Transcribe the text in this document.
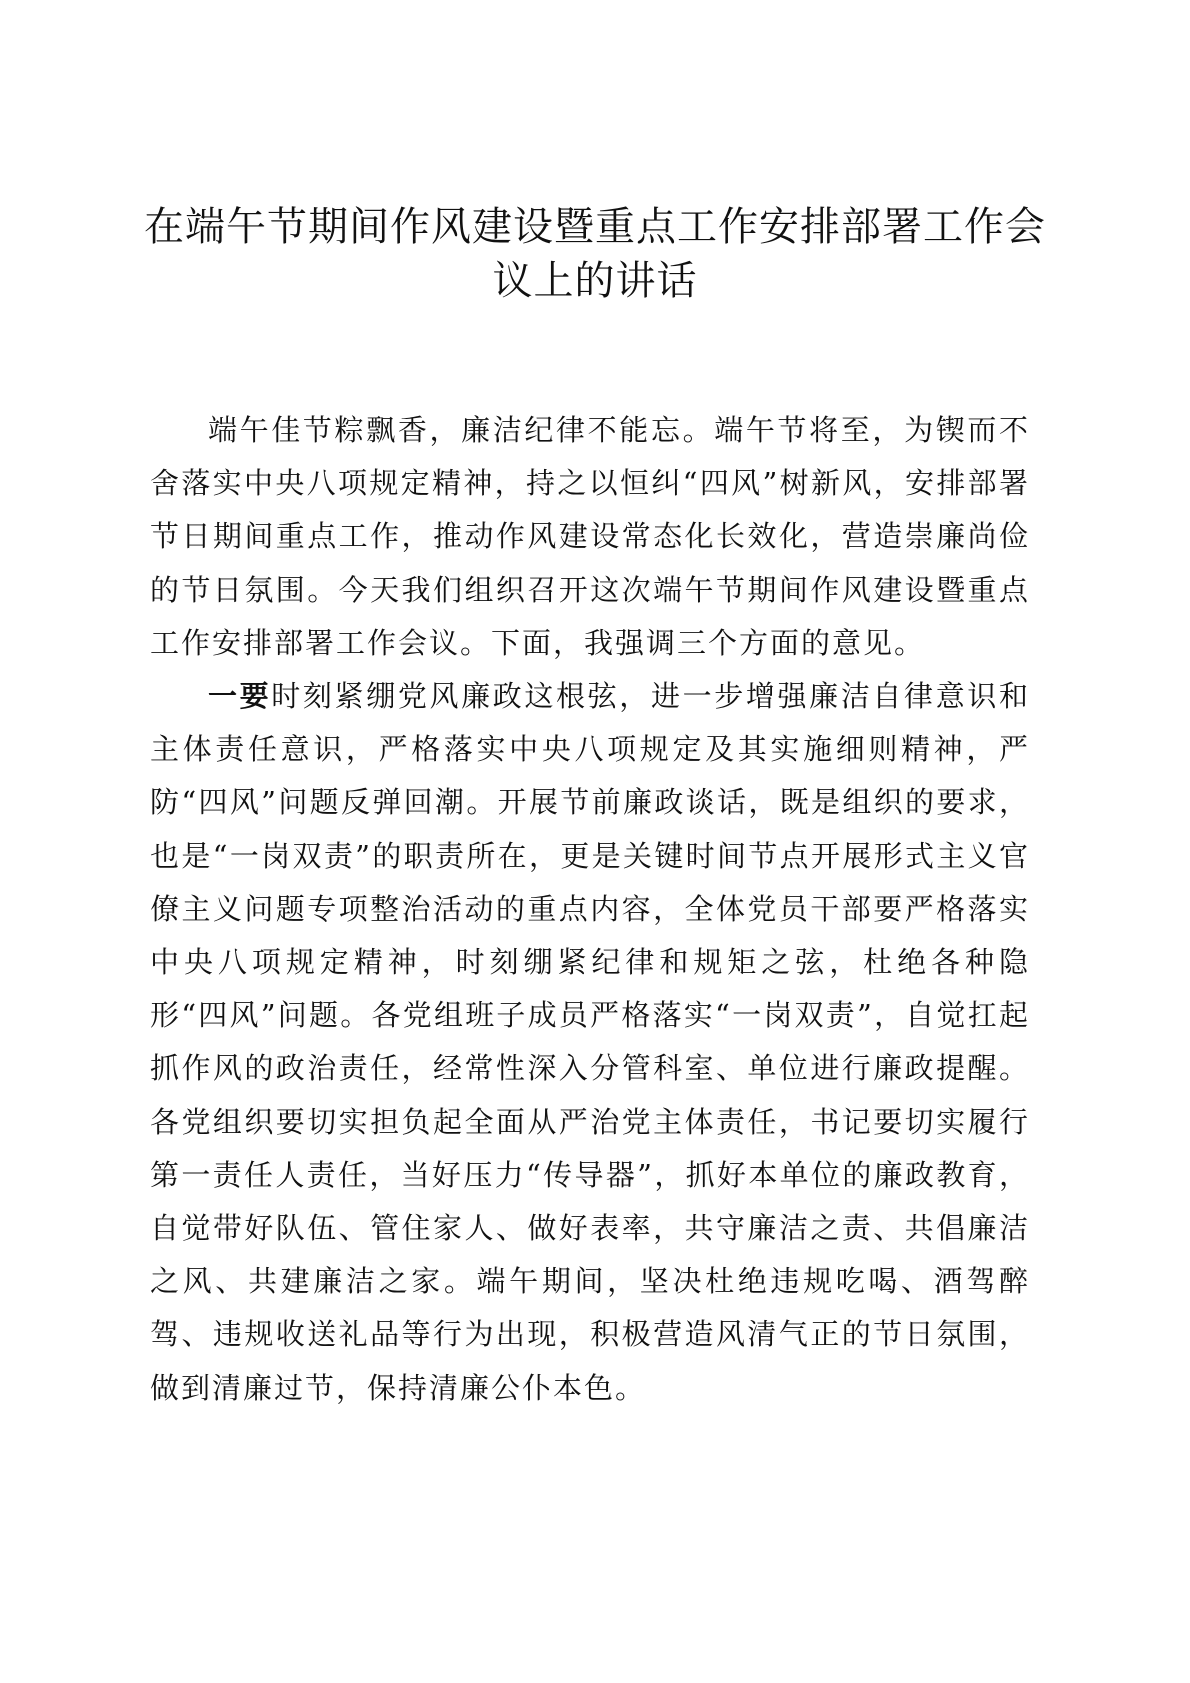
在端午节期间作风建设暨重点工作安排部署工作会议上的讲话

端午佳节粽飘香，廉洁纪律不能忘。端午节将至，为锲而不舍落实中央八项规定精神，持之以恒纠“四风”树新风，安排部署节日期间重点工作，推动作风建设常态化长效化，营造崇廉尚俭的节日氛围。今天我们组织召开这次端午节期间作风建设暨重点工作安排部署工作会议。下面，我强调三个方面的意见。

一要时刻紧绷党风廉政这根弦，进一步增强廉洁自律意识和主体责任意识，严格落实中央八项规定及其实施细则精神，严防“四风”问题反弹回潮。开展节前廉政谈话，既是组织的要求，也是“一岗双责”的职责所在，更是关键时间节点开展形式主义官僚主义问题专项整治活动的重点内容，全体党员干部要严格落实中央八项规定精神，时刻绷紧纪律和规矩之弦，杜绝各种隐形“四风”问题。各党组班子成员严格落实“一岗双责”，自觉扛起抓作风的政治责任，经常性深入分管科室、单位进行廉政提醒。各党组织要切实担负起全面从严治党主体责任，书记要切实履行第一责任人责任，当好压力“传导器”，抓好本单位的廉政教育，自觉带好队伍、管住家人、做好表率，共守廉洁之责、共倡廉洁之风、共建廉洁之家。端午期间，坚决杜绝违规吃喝、酒驾醉驾、违规收送礼品等行为出现，积极营造风清气正的节日氛围，做到清廉过节，保持清廉公仆本色。
